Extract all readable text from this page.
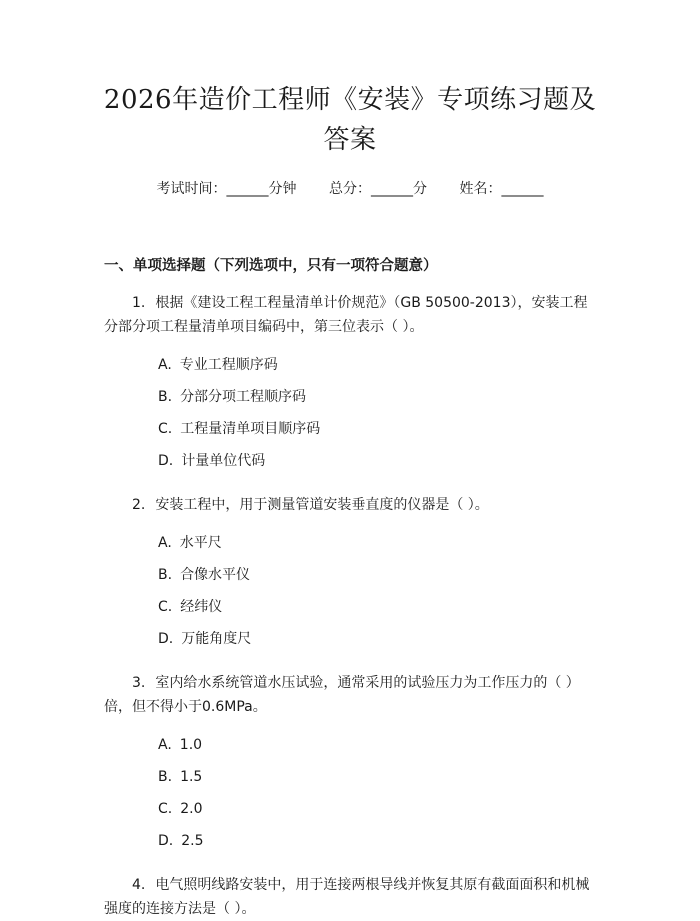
2026年造价工程师《安装》专项练习题及答案
考试时间：______分钟 总分：______分 姓名：______
一、单项选择题（下列选项中，只有一项符合题意）
1. 根据《建设工程工程量清单计价规范》（GB 50500-2013），安装工程分部分项工程量清单项目编码中，第三位表示（ ）。
A. 专业工程顺序码
B. 分部分项工程顺序码
C. 工程量清单项目顺序码
D. 计量单位代码
2. 安装工程中，用于测量管道安装垂直度的仪器是（ ）。
A. 水平尺
B. 合像水平仪
C. 经纬仪
D. 万能角度尺
3. 室内给水系统管道水压试验，通常采用的试验压力为工作压力的（ ）倍，但不得小于0.6MPa。
A. 1.0
B. 1.5
C. 2.0
D. 2.5
4. 电气照明线路安装中，用于连接两根导线并恢复其原有截面面积和机械强度的连接方法是（ ）。
